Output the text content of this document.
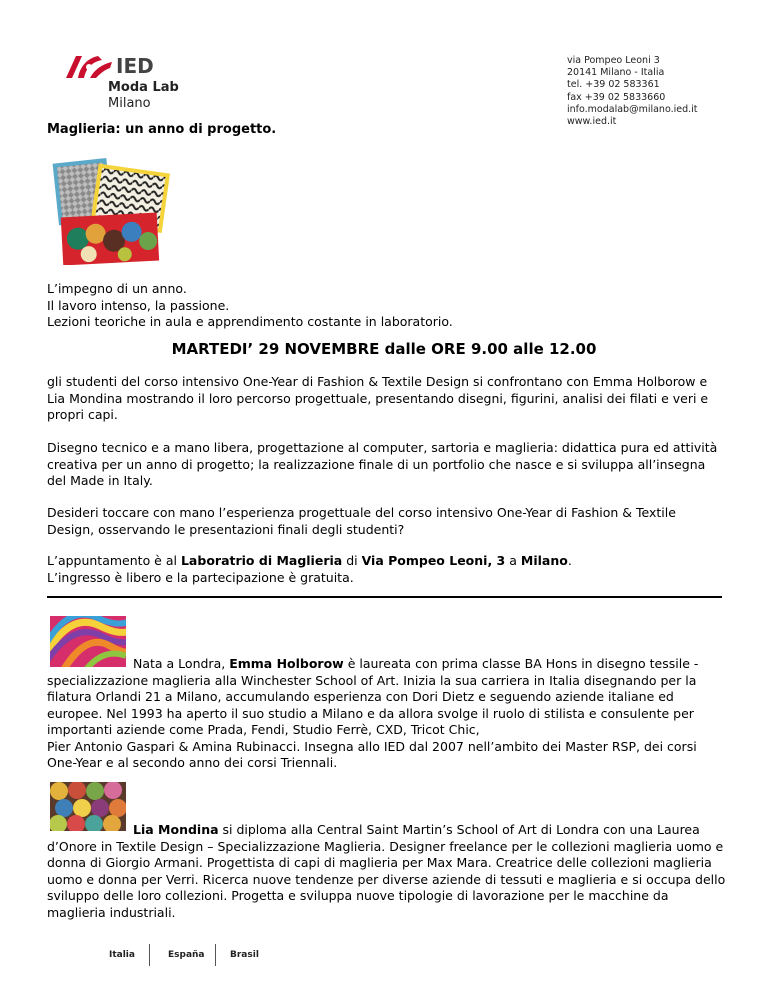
IED
Moda Lab
Milano
via Pompeo Leoni 3
20141 Milano - Italia
tel. +39 02 583361
fax +39 02 5833660
info.modalab@milano.ied.it
www.ied.it
Maglieria: un anno di progetto.
L’impegno di un anno.
Il lavoro intenso, la passione.
Lezioni teoriche in aula e apprendimento costante in laboratorio.
MARTEDI’ 29 NOVEMBRE dalle ORE 9.00 alle 12.00
gli studenti del corso intensivo One-Year di Fashion & Textile Design si confrontano con Emma Holborow e Lia Mondina mostrando il loro percorso progettuale, presentando disegni, figurini, analisi dei filati e veri e propri capi.
Disegno tecnico e a mano libera, progettazione al computer, sartoria e maglieria: didattica pura ed attività creativa per un anno di progetto; la realizzazione finale di un portfolio che nasce e si sviluppa all’insegna del Made in Italy.
Desideri toccare con mano l’esperienza progettuale del corso intensivo One-Year di Fashion & Textile Design, osservando le presentazioni finali degli studenti?
L’appuntamento è al Laboratrio di Maglieria di Via Pompeo Leoni, 3 a Milano.
L’ingresso è libero e la partecipazione è gratuita.
Nata a Londra, Emma Holborow è laureata con prima classe BA Hons in disegno tessile - specializzazione maglieria alla Winchester School of Art. Inizia la sua carriera in Italia disegnando per la filatura Orlandi 21 a Milano, accumulando esperienza con Dori Dietz e seguendo aziende italiane ed europee. Nel 1993 ha aperto il suo studio a Milano e da allora svolge il ruolo di stilista e consulente per importanti aziende come Prada, Fendi, Studio Ferrè, CXD, Tricot Chic,
Pier Antonio Gaspari & Amina Rubinacci. Insegna allo IED dal 2007 nell’ambito dei Master RSP, dei corsi One-Year e al secondo anno dei corsi Triennali.
Lia Mondina si diploma alla Central Saint Martin’s School of Art di Londra con una Laurea d’Onore in Textile Design – Specializzazione Maglieria. Designer freelance per le collezioni maglieria uomo e donna di Giorgio Armani. Progettista di capi di maglieria per Max Mara. Creatrice delle collezioni maglieria uomo e donna per Verri. Ricerca nuove tendenze per diverse aziende di tessuti e maglieria e si occupa dello sviluppo delle loro collezioni. Progetta e sviluppa nuove tipologie di lavorazione per le macchine da maglieria industriali.
Italia	España	Brasil
